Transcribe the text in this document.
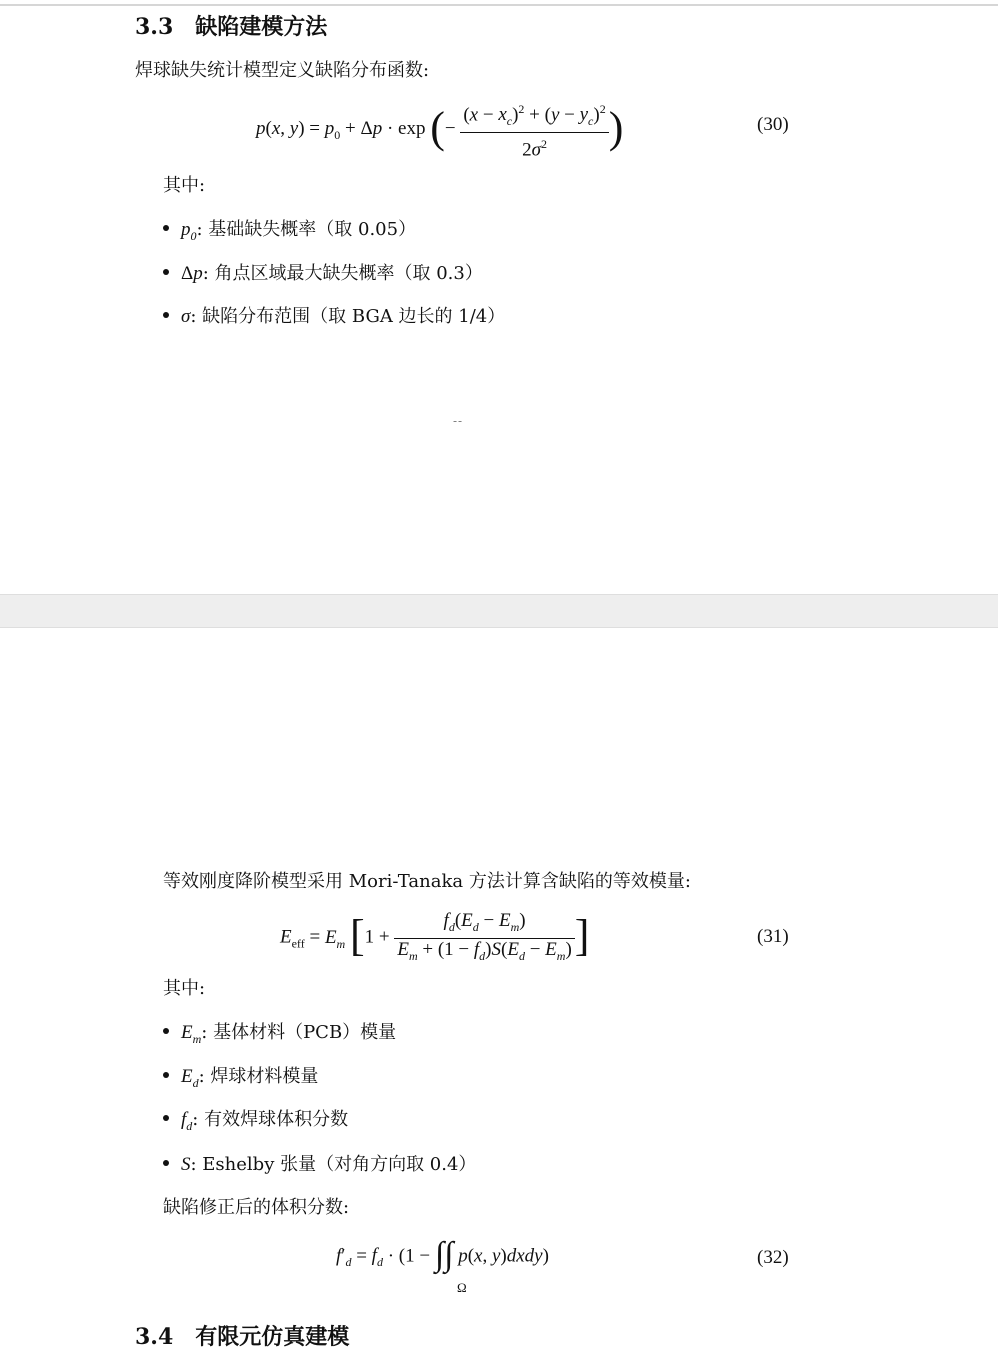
3.3 缺陷建模方法
焊球缺失统计模型定义缺陷分布函数:
p(x, $y) = p_0 + \Delta p \cdot \exp$ (− $\frac{(x - x_c)^2 + (y - y_c)^2}{2\sigma^2}$ )	(30)
其中:
$p_0$: 基础缺失概率（取 0.05）
Δp: 角点区域最大缺失概率（取 0.3）
σ: 缺陷分布范围（取 BGA 边长的 1/4）
--
等效刚度降阶模型采用 Mori-Tanaka 方法计算含缺陷的等效模量:
$E_{eff} = E_m$ [$1 + \frac{f_d(E_d - E_m)}{E_m + (1 - f_d)S(E_d - E_m)}$ ]	(31)
其中:
$E_m$: 基体材料（PCB）模量
$E_d$: 焊球材料模量
$f_d$: 有效焊球体积分数
S: Eshelby 张量（对角方向取 0.4）
缺陷修正后的体积分数:
$f'_d = f_d \cdot (1$ − ∫∫ p(x, y)dxdy)
Ω
(32)
3.4 有限元仿真建模
